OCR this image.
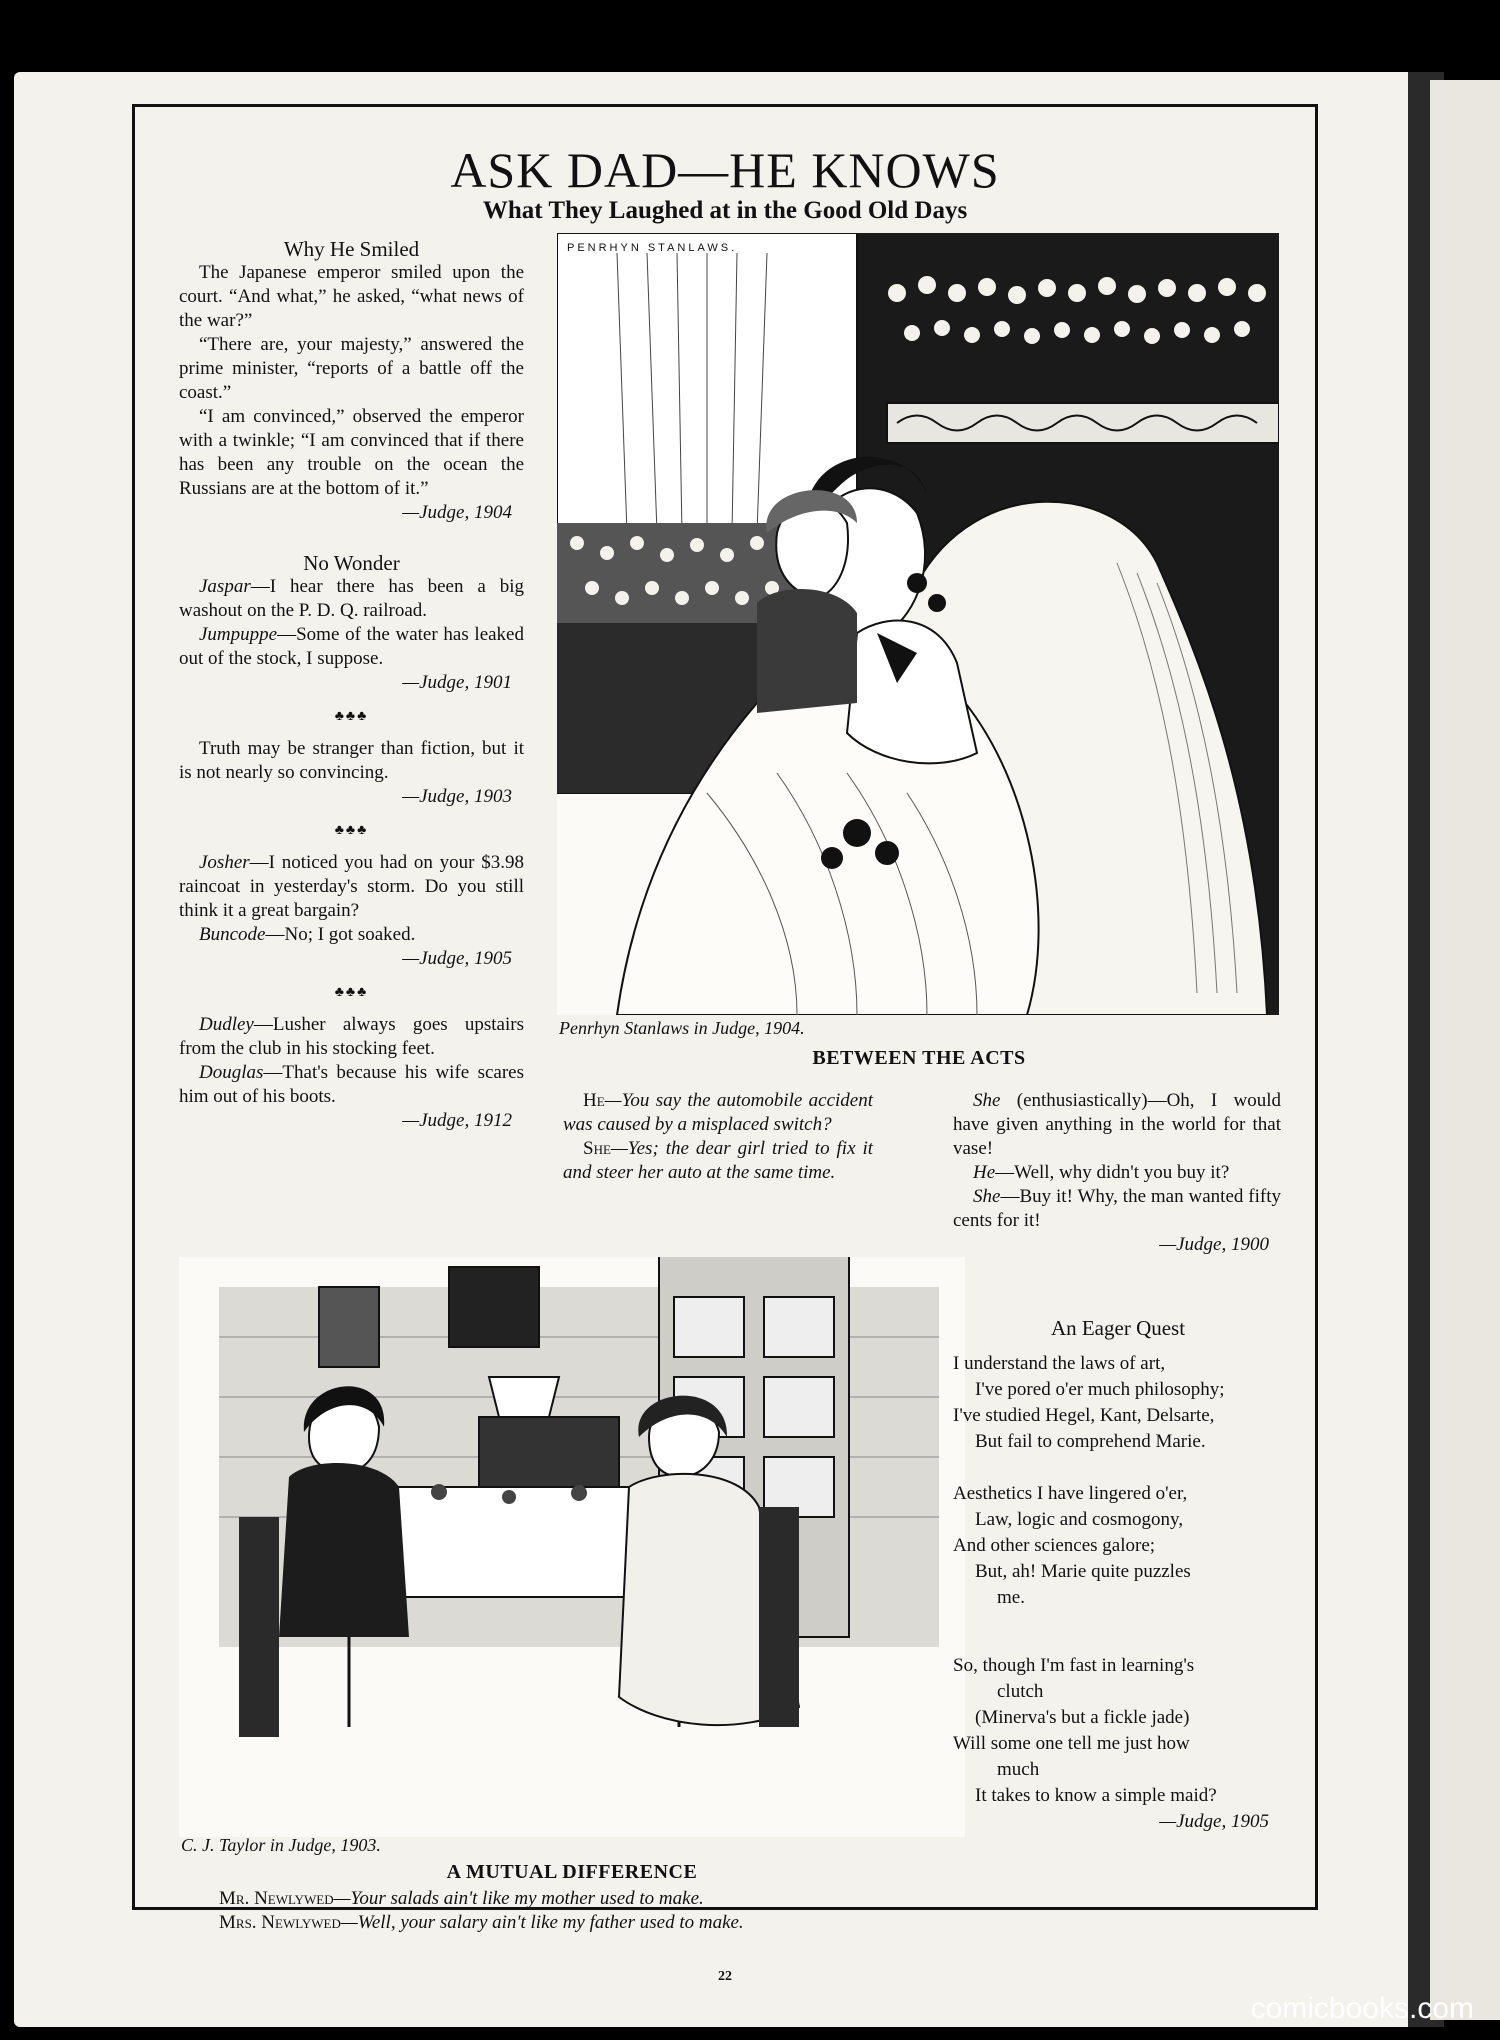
ASK DAD—HE KNOWS
What They Laughed at in the Good Old Days

Why He Smiled

The Japanese emperor smiled upon the court. “And what,” he asked, “what news of the war?”

“There are, your majesty,” answered the prime minister, “reports of a battle off the coast.”

“I am convinced,” observed the emperor with a twinkle; “I am convinced that if there has been any trouble on the ocean the Russians are at the bottom of it.”

—Judge, 1904

No Wonder

Jaspar—I hear there has been a big washout on the P. D. Q. railroad.

Jumpuppe—Some of the water has leaked out of the stock, I suppose.

—Judge, 1901
♣♣♣

Truth may be stranger than fiction, but it is not nearly so convincing.

—Judge, 1903
♣♣♣

Josher—I noticed you had on your $3.98 raincoat in yesterday's storm. Do you still think it a great bargain?

Buncode—No; I got soaked.

—Judge, 1905
♣♣♣

Dudley—Lusher always goes upstairs from the club in his stocking feet.

Douglas—That's because his wife scares him out of his boots.

—Judge, 1912
PENRHYN STANLAWS.
Penrhyn Stanlaws in Judge, 1904.
BETWEEN THE ACTS

He—You say the automobile accident was caused by a misplaced switch?

She—Yes; the dear girl tried to fix it and steer her auto at the same time.

She (enthusiastically)—Oh, I would have given anything in the world for that vase!

He—Well, why didn't you buy it?

She—Buy it! Why, the man wanted fifty cents for it!

—Judge, 1900
C. J. Taylor in Judge, 1903.
A MUTUAL DIFFERENCE

Mr. Newlywed—Your salads ain't like my mother used to make.

Mrs. Newlywed—Well, your salary ain't like my father used to make.

An Eager Quest
I understand the laws of art,
I've pored o'er much philosophy;
I've studied Hegel, Kant, Delsarte,
But fail to comprehend Marie.
Aesthetics I have lingered o'er,
Law, logic and cosmogony,
And other sciences galore;
But, ah! Marie quite puzzles
me.
So, though I'm fast in learning's
clutch
(Minerva's but a fickle jade)
Will some one tell me just how
much
It takes to know a simple maid?
—Judge, 1905
22
comicbooks.com
